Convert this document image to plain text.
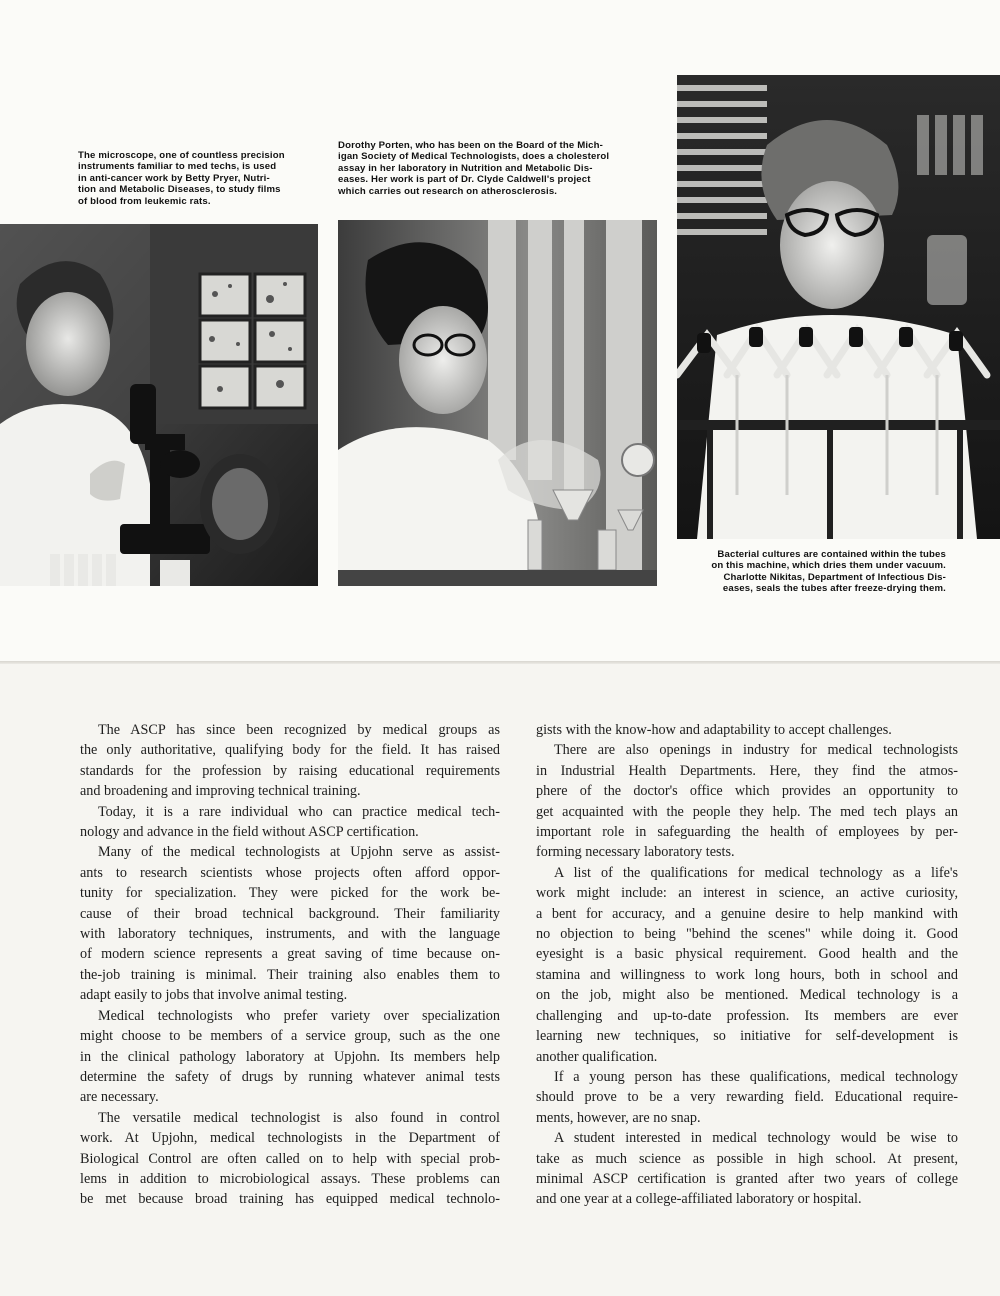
The microscope, one of countless precision
instruments familiar to med techs, is used
in anti-cancer work by Betty Pryer, Nutri-
tion and Metabolic Diseases, to study films
of blood from leukemic rats.
Dorothy Porten, who has been on the Board of the Mich-
igan Society of Medical Technologists, does a cholesterol
assay in her laboratory in Nutrition and Metabolic Dis-
eases. Her work is part of Dr. Clyde Caldwell's project
which carries out research on atherosclerosis.
Bacterial cultures are contained within the tubes
on this machine, which dries them under vacuum.
Charlotte Nikitas, Department of Infectious Dis-
eases, seals the tubes after freeze-drying them.
The ASCP has since been recognized by medical groups as
the only authoritative, qualifying body for the field. It has raised
standards for the profession by raising educational requirements
and broadening and improving technical training.
Today, it is a rare individual who can practice medical tech-
nology and advance in the field without ASCP certification.
Many of the medical technologists at Upjohn serve as assist-
ants to research scientists whose projects often afford oppor-
tunity for specialization. They were picked for the work be-
cause of their broad technical background. Their familiarity
with laboratory techniques, instruments, and with the language
of modern science represents a great saving of time because on-
the-job training is minimal. Their training also enables them to
adapt easily to jobs that involve animal testing.
Medical technologists who prefer variety over specialization
might choose to be members of a service group, such as the one
in the clinical pathology laboratory at Upjohn. Its members help
determine the safety of drugs by running whatever animal tests
are necessary.
The versatile medical technologist is also found in control
work. At Upjohn, medical technologists in the Department of
Biological Control are often called on to help with special prob-
lems in addition to microbiological assays. These problems can
be met because broad training has equipped medical technolo-
gists with the know-how and adaptability to accept challenges.
There are also openings in industry for medical technologists
in Industrial Health Departments. Here, they find the atmos-
phere of the doctor's office which provides an opportunity to
get acquainted with the people they help. The med tech plays an
important role in safeguarding the health of employees by per-
forming necessary laboratory tests.
A list of the qualifications for medical technology as a life's
work might include: an interest in science, an active curiosity,
a bent for accuracy, and a genuine desire to help mankind with
no objection to being "behind the scenes" while doing it. Good
eyesight is a basic physical requirement. Good health and the
stamina and willingness to work long hours, both in school and
on the job, might also be mentioned. Medical technology is a
challenging and up-to-date profession. Its members are ever
learning new techniques, so initiative for self-development is
another qualification.
If a young person has these qualifications, medical technology
should prove to be a very rewarding field. Educational require-
ments, however, are no snap.
A student interested in medical technology would be wise to
take as much science as possible in high school. At present,
minimal ASCP certification is granted after two years of college
and one year at a college-affiliated laboratory or hospital.
